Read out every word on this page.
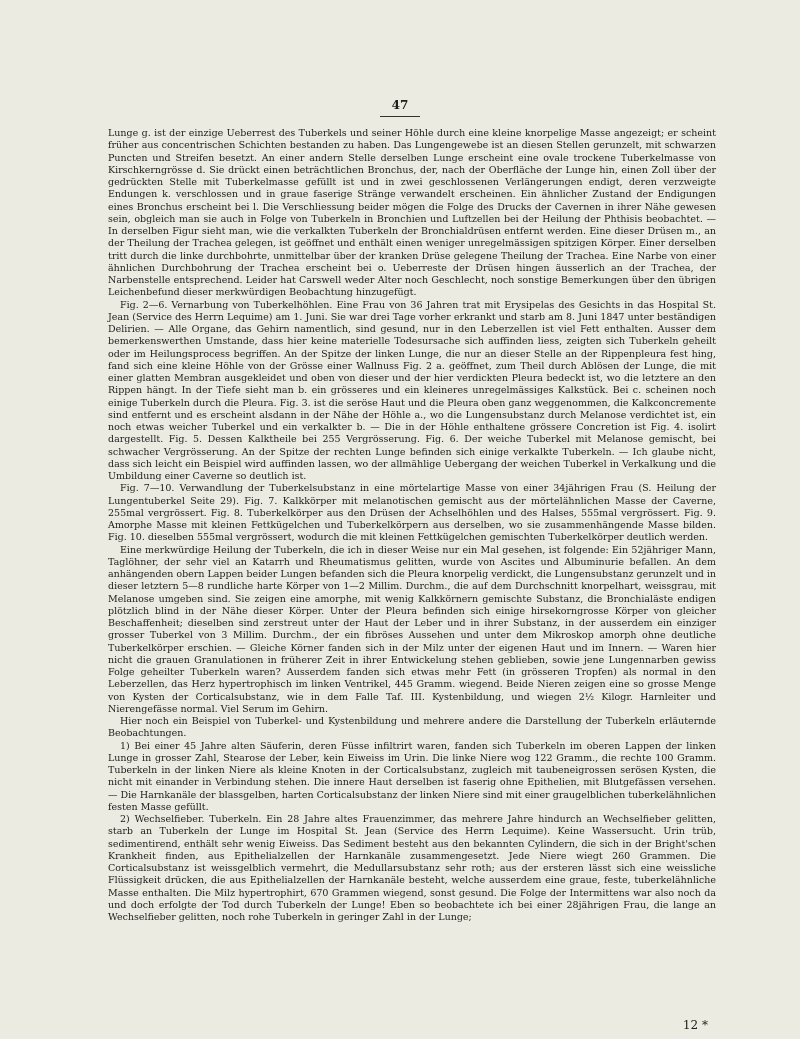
47

Lunge g. ist der einzige Ueberrest des Tuberkels und seiner Höhle durch eine kleine knorpelige Masse angezeigt; er scheint früher aus concentrischen Schichten bestanden zu haben. Das Lungengewebe ist an diesen Stellen gerunzelt, mit schwarzen Puncten und Streifen besetzt. An einer andern Stelle derselben Lunge erscheint eine ovale trockene Tuberkelmasse von Kirschkerngrösse d. Sie drückt einen beträchtlichen Bronchus, der, nach der Oberfläche der Lunge hin, einen Zoll über der gedrückten Stelle mit Tuberkelmasse gefüllt ist und in zwei geschlossenen Verlängerungen endigt, deren verzweigte Endungen k. verschlossen und in graue faserige Stränge verwandelt erscheinen. Ein ähnlicher Zustand der Endigungen eines Bronchus erscheint bei l. Die Verschliessung beider mögen die Folge des Drucks der Cavernen in ihrer Nähe gewesen sein, obgleich man sie auch in Folge von Tuberkeln in Bronchien und Luftzellen bei der Heilung der Phthisis beobachtet. — In derselben Figur sieht man, wie die verkalkten Tuberkeln der Bronchialdrüsen entfernt werden. Eine dieser Drüsen m., an der Theilung der Trachea gelegen, ist geöffnet und enthält einen weniger unregelmässigen spitzigen Körper. Einer derselben tritt durch die linke durchbohrte, unmittelbar über der kranken Drüse gelegene Theilung der Trachea. Eine Narbe von einer ähnlichen Durchbohrung der Trachea erscheint bei o. Ueberreste der Drüsen hingen äusserlich an der Trachea, der Narbenstelle entsprechend. Leider hat Carswell weder Alter noch Geschlecht, noch sonstige Bemerkungen über den übrigen Leichenbefund dieser merkwürdigen Beobachtung hinzugefügt.

Fig. 2—6. Vernarbung von Tuberkelhöhlen. Eine Frau von 36 Jahren trat mit Erysipelas des Gesichts in das Hospital St. Jean (Service des Herrn Lequime) am 1. Juni. Sie war drei Tage vorher erkrankt und starb am 8. Juni 1847 unter beständigen Delirien. — Alle Organe, das Gehirn namentlich, sind gesund, nur in den Leberzellen ist viel Fett enthalten. Ausser dem bemerkenswerthen Umstande, dass hier keine materielle Todesursache sich auffinden liess, zeigten sich Tuberkeln geheilt oder im Heilungsprocess begriffen. An der Spitze der linken Lunge, die nur an dieser Stelle an der Rippenpleura fest hing, fand sich eine kleine Höhle von der Grösse einer Wallnuss Fig. 2 a. geöffnet, zum Theil durch Ablösen der Lunge, die mit einer glatten Membran ausgekleidet und oben von dieser und der hier verdickten Pleura bedeckt ist, wo die letztere an den Rippen hängt. In der Tiefe sieht man b. ein grösseres und ein kleineres unregelmässiges Kalkstück. Bei c. scheinen noch einige Tuberkeln durch die Pleura. Fig. 3. ist die seröse Haut und die Pleura oben ganz weggenommen, die Kalkconcremente sind entfernt und es erscheint alsdann in der Nähe der Höhle a., wo die Lungensubstanz durch Melanose verdichtet ist, ein noch etwas weicher Tuberkel und ein verkalkter b. — Die in der Höhle enthaltene grössere Concretion ist Fig. 4. isolirt dargestellt. Fig. 5. Dessen Kalktheile bei 255 Vergrösserung. Fig. 6. Der weiche Tuberkel mit Melanose gemischt, bei schwacher Vergrösserung. An der Spitze der rechten Lunge befinden sich einige verkalkte Tuberkeln. — Ich glaube nicht, dass sich leicht ein Beispiel wird auffinden lassen, wo der allmählige Uebergang der weichen Tuberkel in Verkalkung und die Umbildung einer Caverne so deutlich ist.

Fig. 7—10. Verwandlung der Tuberkelsubstanz in eine mörtelartige Masse von einer 34jährigen Frau (S. Heilung der Lungentuberkel Seite 29). Fig. 7. Kalkkörper mit melanotischen gemischt aus der mörtelähnlichen Masse der Caverne, 255mal vergrössert. Fig. 8. Tuberkelkörper aus den Drüsen der Achselhöhlen und des Halses, 555mal vergrössert. Fig. 9. Amorphe Masse mit kleinen Fettkügelchen und Tuberkelkörpern aus derselben, wo sie zusammenhängende Masse bilden. Fig. 10. dieselben 555mal vergrössert, wodurch die mit kleinen Fettkügelchen gemischten Tuberkelkörper deutlich werden.

Eine merkwürdige Heilung der Tuberkeln, die ich in dieser Weise nur ein Mal gesehen, ist folgende: Ein 52jähriger Mann, Taglöhner, der sehr viel an Katarrh und Rheumatismus gelitten, wurde von Ascites und Albuminurie befallen. An dem anhängenden obern Lappen beider Lungen befanden sich die Pleura knorpelig verdickt, die Lungensubstanz gerunzelt und in dieser letztern 5—8 rundliche harte Körper von 1—2 Millim. Durchm., die auf dem Durchschnitt knorpelhart, weissgrau, mit Melanose umgeben sind. Sie zeigen eine amorphe, mit wenig Kalkkörnern gemischte Substanz, die Bronchialäste endigen plötzlich blind in der Nähe dieser Körper. Unter der Pleura befinden sich einige hirsekorngrosse Körper von gleicher Beschaffenheit; dieselben sind zerstreut unter der Haut der Leber und in ihrer Substanz, in der ausserdem ein einziger grosser Tuberkel von 3 Millim. Durchm., der ein fibröses Aussehen und unter dem Mikroskop amorph ohne deutliche Tuberkelkörper erschien. — Gleiche Körner fanden sich in der Milz unter der eigenen Haut und im Innern. — Waren hier nicht die grauen Granulationen in früherer Zeit in ihrer Entwickelung stehen geblieben, sowie jene Lungennarben gewiss Folge geheilter Tuberkeln waren? Ausserdem fanden sich etwas mehr Fett (in grösseren Tropfen) als normal in den Leberzellen, das Herz hypertrophisch im linken Ventrikel, 445 Gramm. wiegend. Beide Nieren zeigen eine so grosse Menge von Kysten der Corticalsubstanz, wie in dem Falle Taf. III. Kystenbildung, und wiegen 2½ Kilogr. Harnleiter und Nierengefässe normal. Viel Serum im Gehirn.

Hier noch ein Beispiel von Tuberkel- und Kystenbildung und mehrere andere die Darstellung der Tuberkeln erläuternde Beobachtungen.

1) Bei einer 45 Jahre alten Säuferin, deren Füsse infiltrirt waren, fanden sich Tuberkeln im oberen Lappen der linken Lunge in grosser Zahl, Stearose der Leber, kein Eiweiss im Urin. Die linke Niere wog 122 Gramm., die rechte 100 Gramm. Tuberkeln in der linken Niere als kleine Knoten in der Corticalsubstanz, zugleich mit taubeneigrossen serösen Kysten, die nicht mit einander in Verbindung stehen. Die innere Haut derselben ist faserig ohne Epithelien, mit Blutgefässen versehen. — Die Harnkanäle der blassgelben, harten Corticalsubstanz der linken Niere sind mit einer graugelblichen tuberkelähnlichen festen Masse gefüllt.

2) Wechselfieber. Tuberkeln. Ein 28 Jahre altes Frauenzimmer, das mehrere Jahre hindurch an Wechselfieber gelitten, starb an Tuberkeln der Lunge im Hospital St. Jean (Service des Herrn Lequime). Keine Wassersucht. Urin trüb, sedimentirend, enthält sehr wenig Eiweiss. Das Sediment besteht aus den bekannten Cylindern, die sich in der Bright'schen Krankheit finden, aus Epithelialzellen der Harnkanäle zusammengesetzt. Jede Niere wiegt 260 Grammen. Die Corticalsubstanz ist weissgelblich vermehrt, die Medullarsubstanz sehr roth; aus der ersteren lässt sich eine weissliche Flüssigkeit drücken, die aus Epithelialzellen der Harnkanäle besteht, welche ausserdem eine graue, feste, tuberkelähnliche Masse enthalten. Die Milz hypertrophirt, 670 Grammen wiegend, sonst gesund. Die Folge der Intermittens war also noch da und doch erfolgte der Tod durch Tuberkeln der Lunge! Eben so beobachtete ich bei einer 28jährigen Frau, die lange an Wechselfieber gelitten, noch rohe Tuberkeln in geringer Zahl in der Lunge;

12 *
